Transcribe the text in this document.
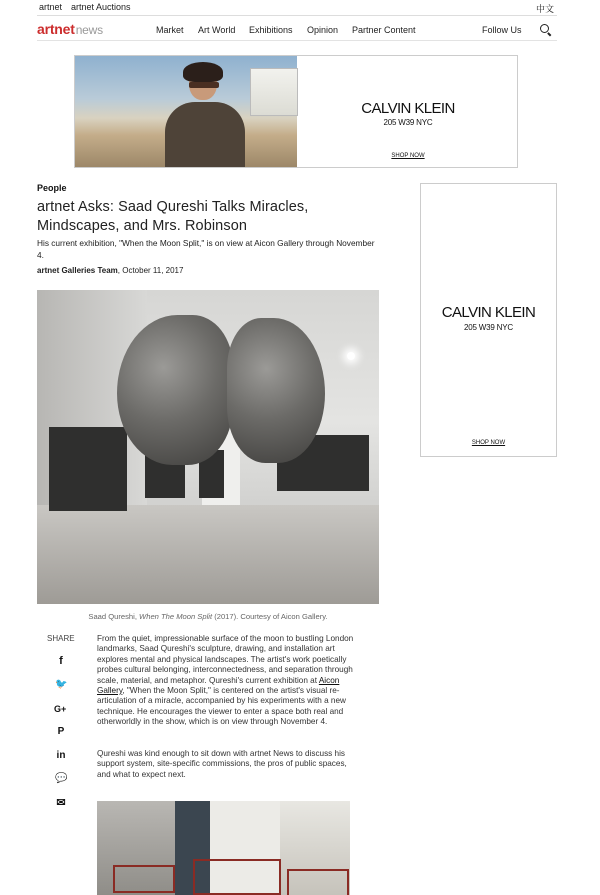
artnet artnet Auctions	中文
artnetnews	Market Art World Exhibitions Opinion Partner Content	Follow Us
CALVIN KLEIN
205 W39 NYC
SHOP NOW
CALVIN KLEIN
205 W39 NYC
SHOP NOW
People
artnet Asks: Saad Qureshi Talks Miracles, Mindscapes, and Mrs. Robinson
His current exhibition, "When the Moon Split," is on view at Aicon Gallery through November 4.
artnet Galleries Team, October 11, 2017
Saad Qureshi, When The Moon Split (2017). Courtesy of Aicon Gallery.
SHARE
f
🐦
G+
P
in
💬
✉
From the quiet, impressionable surface of the moon to bustling London landmarks, Saad Qureshi's sculpture, drawing, and installation art explores mental and physical landscapes. The artist's work poetically probes cultural belonging, interconnectedness, and separation through scale, material, and metaphor. Qureshi's current exhibition at Aicon Gallery, "When the Moon Split," is centered on the artist's visual re-articulation of a miracle, accompanied by his experiments with a new technique. He encourages the viewer to enter a space both real and otherworldly in the show, which is on view through November 4.
Qureshi was kind enough to sit down with artnet News to discuss his support system, site-specific commissions, the pros of public spaces, and what to expect next.
